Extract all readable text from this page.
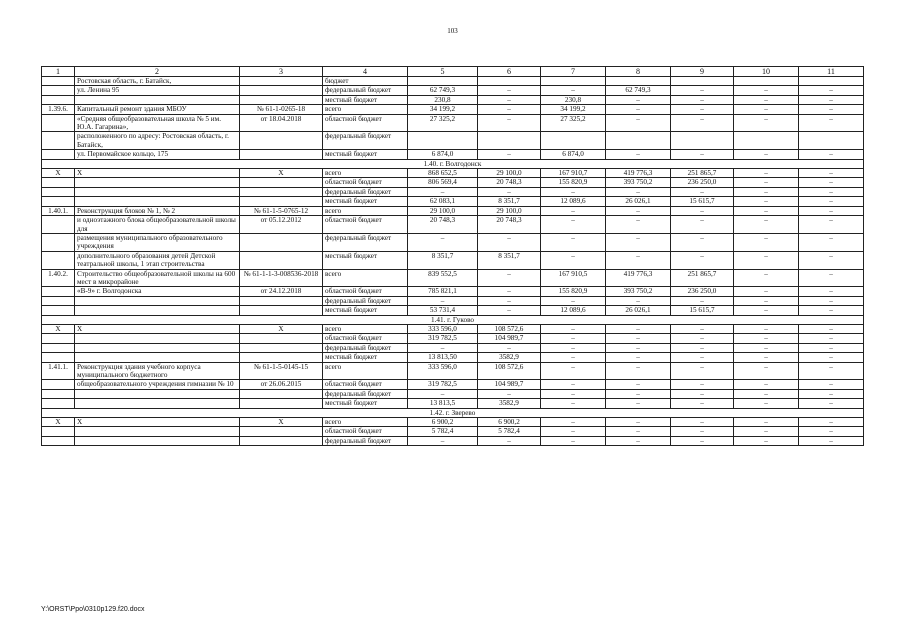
103
1	2	3	4	5	6	7	8	9	10	11
	Ростовская область, г. Батайск,		бюджет							
	ул. Ленина 95		федеральный бюджет	62 749,3	–	–	62 749,3	–	–	–
			местный бюджет	230,8	–	230,8	–	–	–	–
1.39.6.	Капитальный ремонт здания МБОУ	№ 61-1-0265-18	всего	34 199,2	–	34 199,2	–	–	–	–
	«Средняя общеобразовательная школа № 5 им. Ю.А. Гагарина»,	от 18.04.2018	областной бюджет	27 325,2	–	27 325,2	–	–	–	–
	расположенного по адресу: Ростовская область, г. Батайск,		федеральный бюджет							
	ул. Первомайское кольцо, 175		местный бюджет	6 874,0	–	6 874,0	–	–	–	–
1.40. г. Волгодонск										
X	X	X	всего	868 652,5	29 100,0	167 910,7	419 776,3	251 865,7	–	–
			областной бюджет	806 569,4	20 748,3	155 820,9	393 750,2	236 250,0	–	–
			федеральный бюджет	–	–	–	–	–	–	–
			местный бюджет	62 083,1	8 351,7	12 089,6	26 026,1	15 615,7	–	–
1.40.1.	Реконструкция блоков № 1, № 2	№ 61-1-5-0765-12	всего	29 100,0	29 100,0	–	–	–	–	–
	и одноэтажного блока общеобразовательной школы для	от 05.12.2012	областной бюджет	20 748,3	20 748,3	–	–	–	–	–
	размещения муниципального образовательного учреждения		федеральный бюджет	–	–	–	–	–	–	–
	дополнительного образования детей Детской театральной школы, 1 этап строительства		местный бюджет	8 351,7	8 351,7	–	–	–	–	–
1.40.2.	Строительство общеобразовательной школы на 600 мест в микрорайоне	№ 61-1-1-3-008536-2018	всего	839 552,5	–	167 910,5	419 776,3	251 865,7	–	–
	«В-9» г. Волгодонска	от 24.12.2018	областной бюджет	785 821,1	–	155 820,9	393 750,2	236 250,0	–	–
			федеральный бюджет	–	–	–	–	–	–	–
			местный бюджет	53 731,4	–	12 089,6	26 026,1	15 615,7	–	–
1.41. г. Гуково										
X	X	X	всего	333 596,0	108 572,6	–	–	–	–	–
			областной бюджет	319 782,5	104 989,7	–	–	–	–	–
			федеральный бюджет	–	–	–	–	–	–	–
			местный бюджет	13 813,50	3582,9	–	–	–	–	–
1.41.1.	Реконструкция здания учебного корпуса муниципального бюджетного	№ 61-1-5-0145-15	всего	333 596,0	108 572,6	–	–	–	–	–
	общеобразовательного учреждения гимназии № 10	от 26.06.2015	областной бюджет	319 782,5	104 989,7	–	–	–	–	–
			федеральный бюджет	–	–	–	–	–	–	–
			местный бюджет	13 813,5	3582,9	–	–	–	–	–
1.42. г. Зверево										
X	X	X	всего	6 900,2	6 900,2	–	–	–	–	–
			областной бюджет	5 782,4	5 782,4	–	–	–	–	–
			федеральный бюджет	–	–	–	–	–	–	–
Y:\ORST\Ppo\0310p129.f20.docx
